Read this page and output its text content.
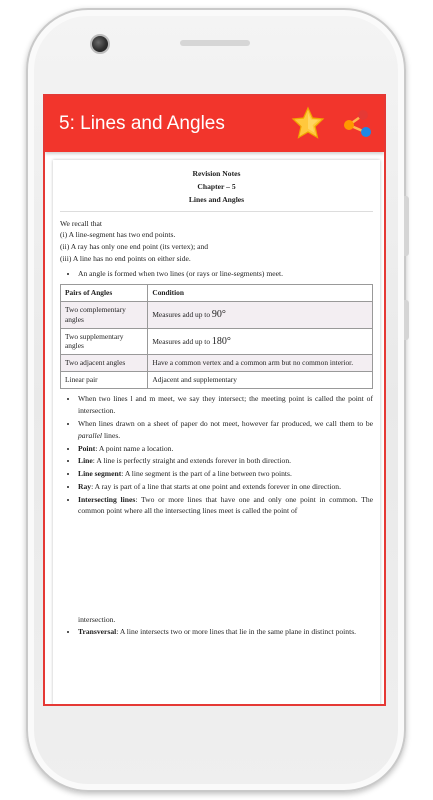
5: Lines and Angles
Revision Notes
Chapter – 5
Lines and Angles

We recall that

(i) A line-segment has two end points.

(ii) A ray has only one end point (its vertex); and

(iii) A line has no end points on either side.

• An angle is formed when two lines (or rays or line-segments) meet.
Pairs of Angles	Condition
Two complementary angles	Measures add up to 90°
Two supplementary angles	Measures add up to 180°
Two adjacent angles	Have a common vertex and a common arm but no common interior.
Linear pair	Adjacent and supplementary
• When two lines l and m meet, we say they intersect; the meeting point is called the point of intersection.
• When lines drawn on a sheet of paper do not meet, however far produced, we call them to be parallel lines.
• Point: A point name a location.
• Line: A line is perfectly straight and extends forever in both direction.
• Line segment: A line segment is the part of a line between two points.
• Ray: A ray is part of a line that starts at one point and extends forever in one direction.
• Intersecting lines: Two or more lines that have one and only one point in common. The common point where all the intersecting lines meet is called the point of

intersection.

• Transversal: A line intersects two or more lines that lie in the same plane in distinct points.
